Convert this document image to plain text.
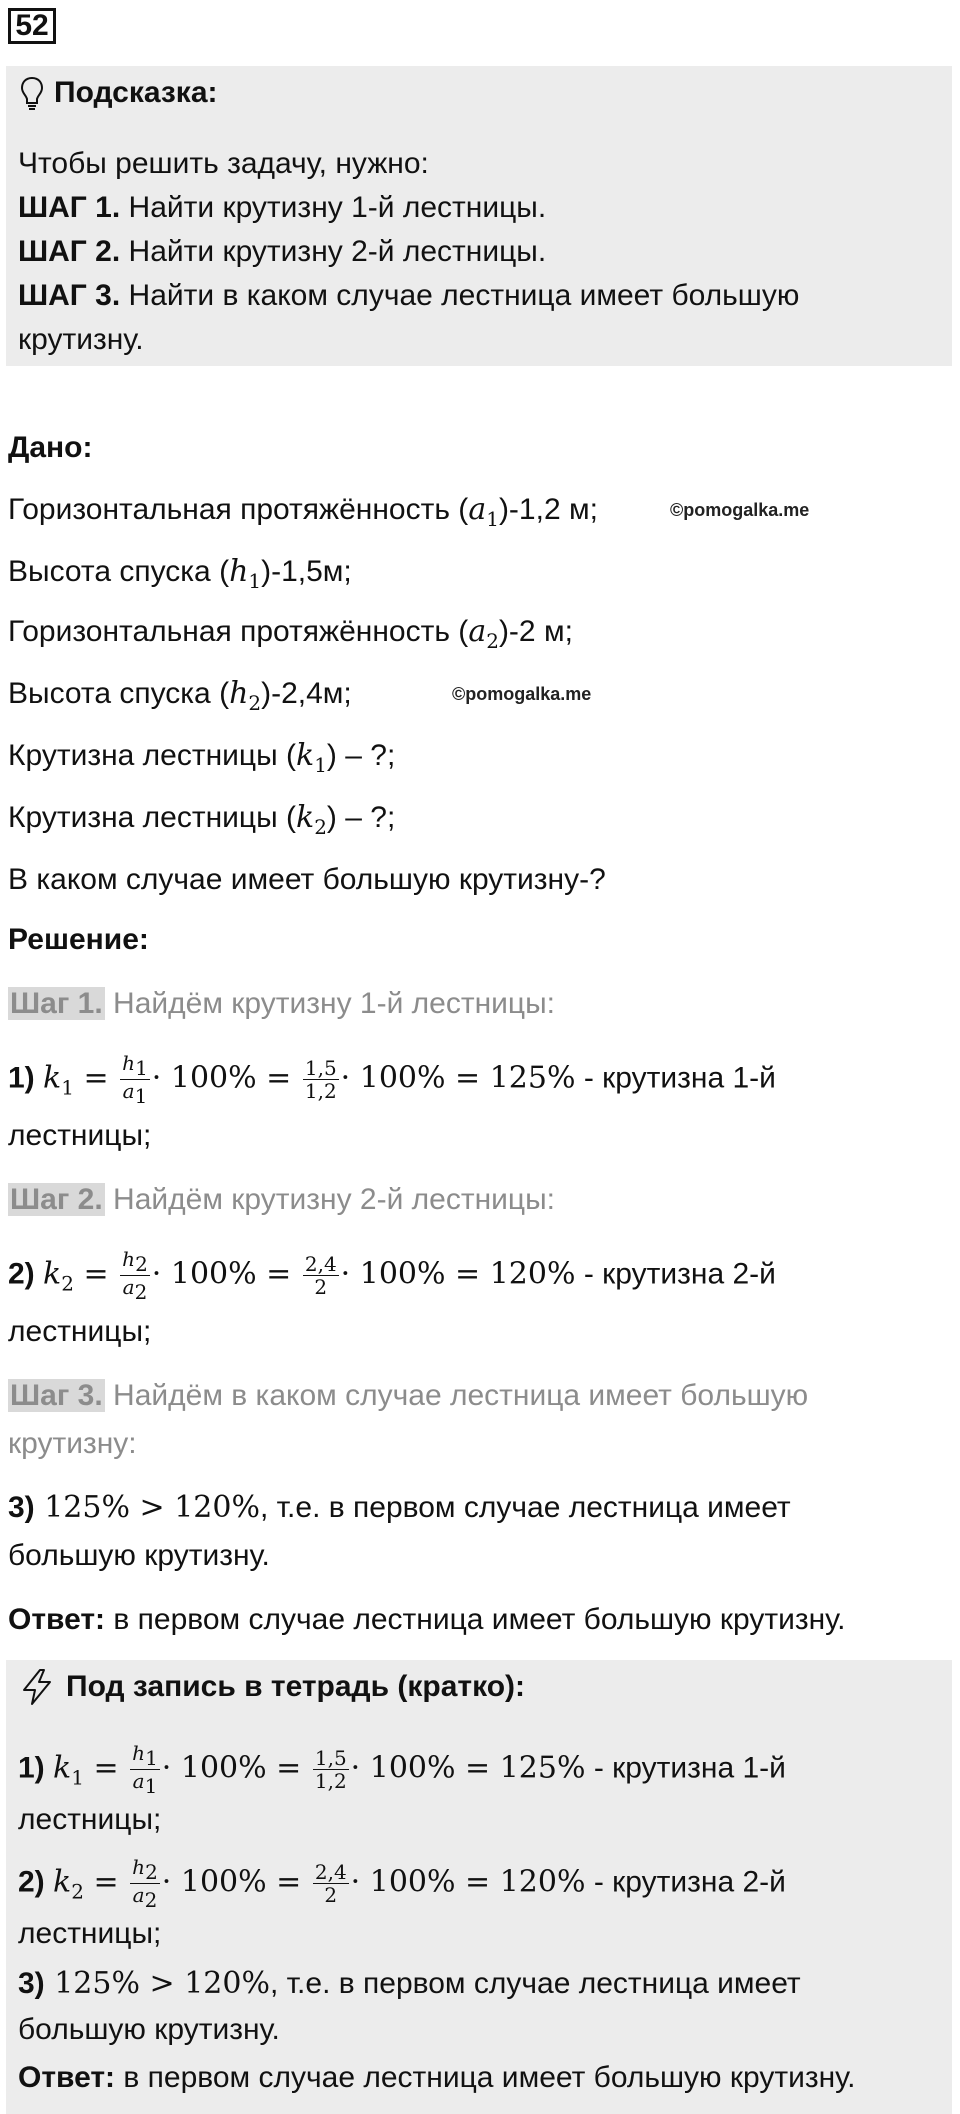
52
Подсказка:
Чтобы решить задачу, нужно:
ШАГ 1. Найти крутизну 1-й лестницы.
ШАГ 2. Найти крутизну 2-й лестницы.
ШАГ 3. Найти в каком случае лестница имеет большую
крутизну.
Дано:
Горизонтальная протяжённость $(a_1)-1,2$ м;	©pomogalka.me
Высота спуска $(h_1)-1,5м$;
Горизонтальная протяжённость $(a_2)-2$ м;
Высота спуска $(h_2)-2,4м$;	©pomogalka.me
Крутизна лестницы $(k_1)$ – ?;
Крутизна лестницы $(k_2)$ – ?;
В каком случае имеет большую крутизну-?
Решение:
Шаг 1. Найдём крутизну 1-й лестницы:
1) $k_1 = \frac{h_1}{a_1} \cdot 100\% = \frac{1,5}{1,2} \cdot 100\% = 125\%$ - крутизна 1-й
лестницы;
Шаг 2. Найдём крутизну 2-й лестницы:
2) $k_2 = \frac{h_2}{a_2} \cdot 100\% = \frac{2,4}{2} \cdot 100\% = 120\%$ - крутизна 2-й
лестницы;
Шаг 3. Найдём в каком случае лестница имеет большую
крутизну:
3) 125% > 120%, т.е. в первом случае лестница имеет
большую крутизну.
Ответ: в первом случае лестница имеет большую крутизну.
Под запись в тетрадь (кратко):
1) $k_1 = \frac{h_1}{a_1} \cdot 100\% = \frac{1,5}{1,2} \cdot 100\% = 125\%$ - крутизна 1-й
лестницы;
2) $k_2 = \frac{h_2}{a_2} \cdot 100\% = \frac{2,4}{2} \cdot 100\% = 120\%$ - крутизна 2-й
лестницы;
3) 125% > 120%, т.е. в первом случае лестница имеет
большую крутизну.
Ответ: в первом случае лестница имеет большую крутизну.
